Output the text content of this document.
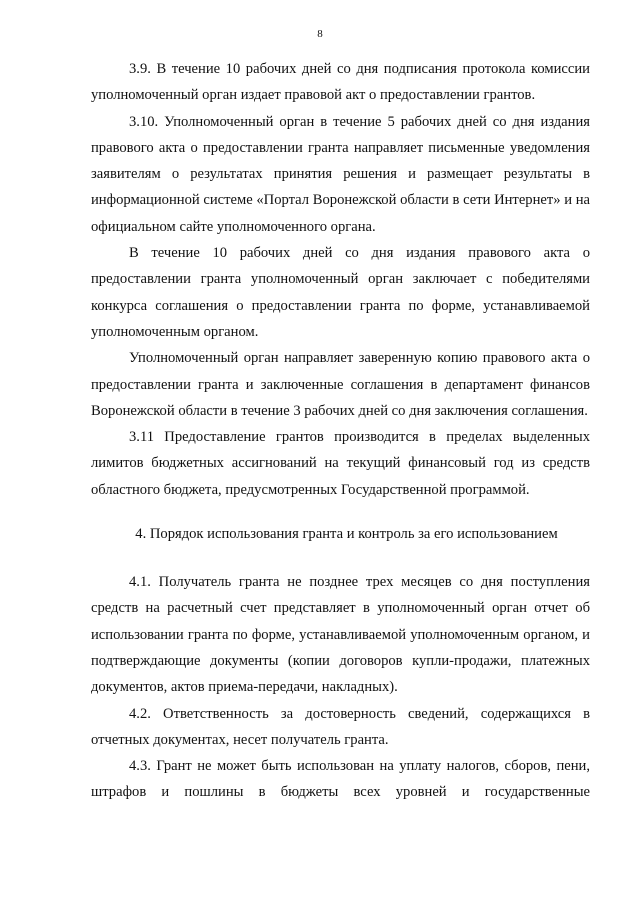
8

3.9. В течение 10 рабочих дней со дня подписания протокола комиссии уполномоченный орган издает правовой акт о предоставлении грантов.

3.10. Уполномоченный орган в течение 5 рабочих дней со дня издания правового акта о предоставлении гранта направляет письменные уведомления заявителям о результатах принятия решения и размещает результаты в информационной системе «Портал Воронежской области в сети Интернет» и на официальном сайте уполномоченного органа.

В течение 10 рабочих дней со дня издания правового акта о предоставлении гранта уполномоченный орган заключает с победителями конкурса соглашения о предоставлении гранта по форме, устанавливаемой уполномоченным органом.

Уполномоченный орган направляет заверенную копию правового акта о предоставлении гранта и заключенные соглашения в департамент финансов Воронежской области в течение 3 рабочих дней со дня заключения соглашения.

3.11 Предоставление грантов производится в пределах выделенных лимитов бюджетных ассигнований на текущий финансовый год из средств областного бюджета, предусмотренных Государственной программой.

4. Порядок использования гранта и контроль за его использованием

4.1. Получатель гранта не позднее трех месяцев со дня поступления средств на расчетный счет представляет в уполномоченный орган отчет об использовании гранта по форме, устанавливаемой уполномоченным органом, и подтверждающие документы (копии договоров купли-продажи, платежных документов, актов приема-передачи, накладных).

4.2. Ответственность за достоверность сведений, содержащихся в отчетных документах, несет получатель гранта.

4.3. Грант не может быть использован на уплату налогов, сборов, пени, штрафов и пошлины в бюджеты всех уровней и государственные
